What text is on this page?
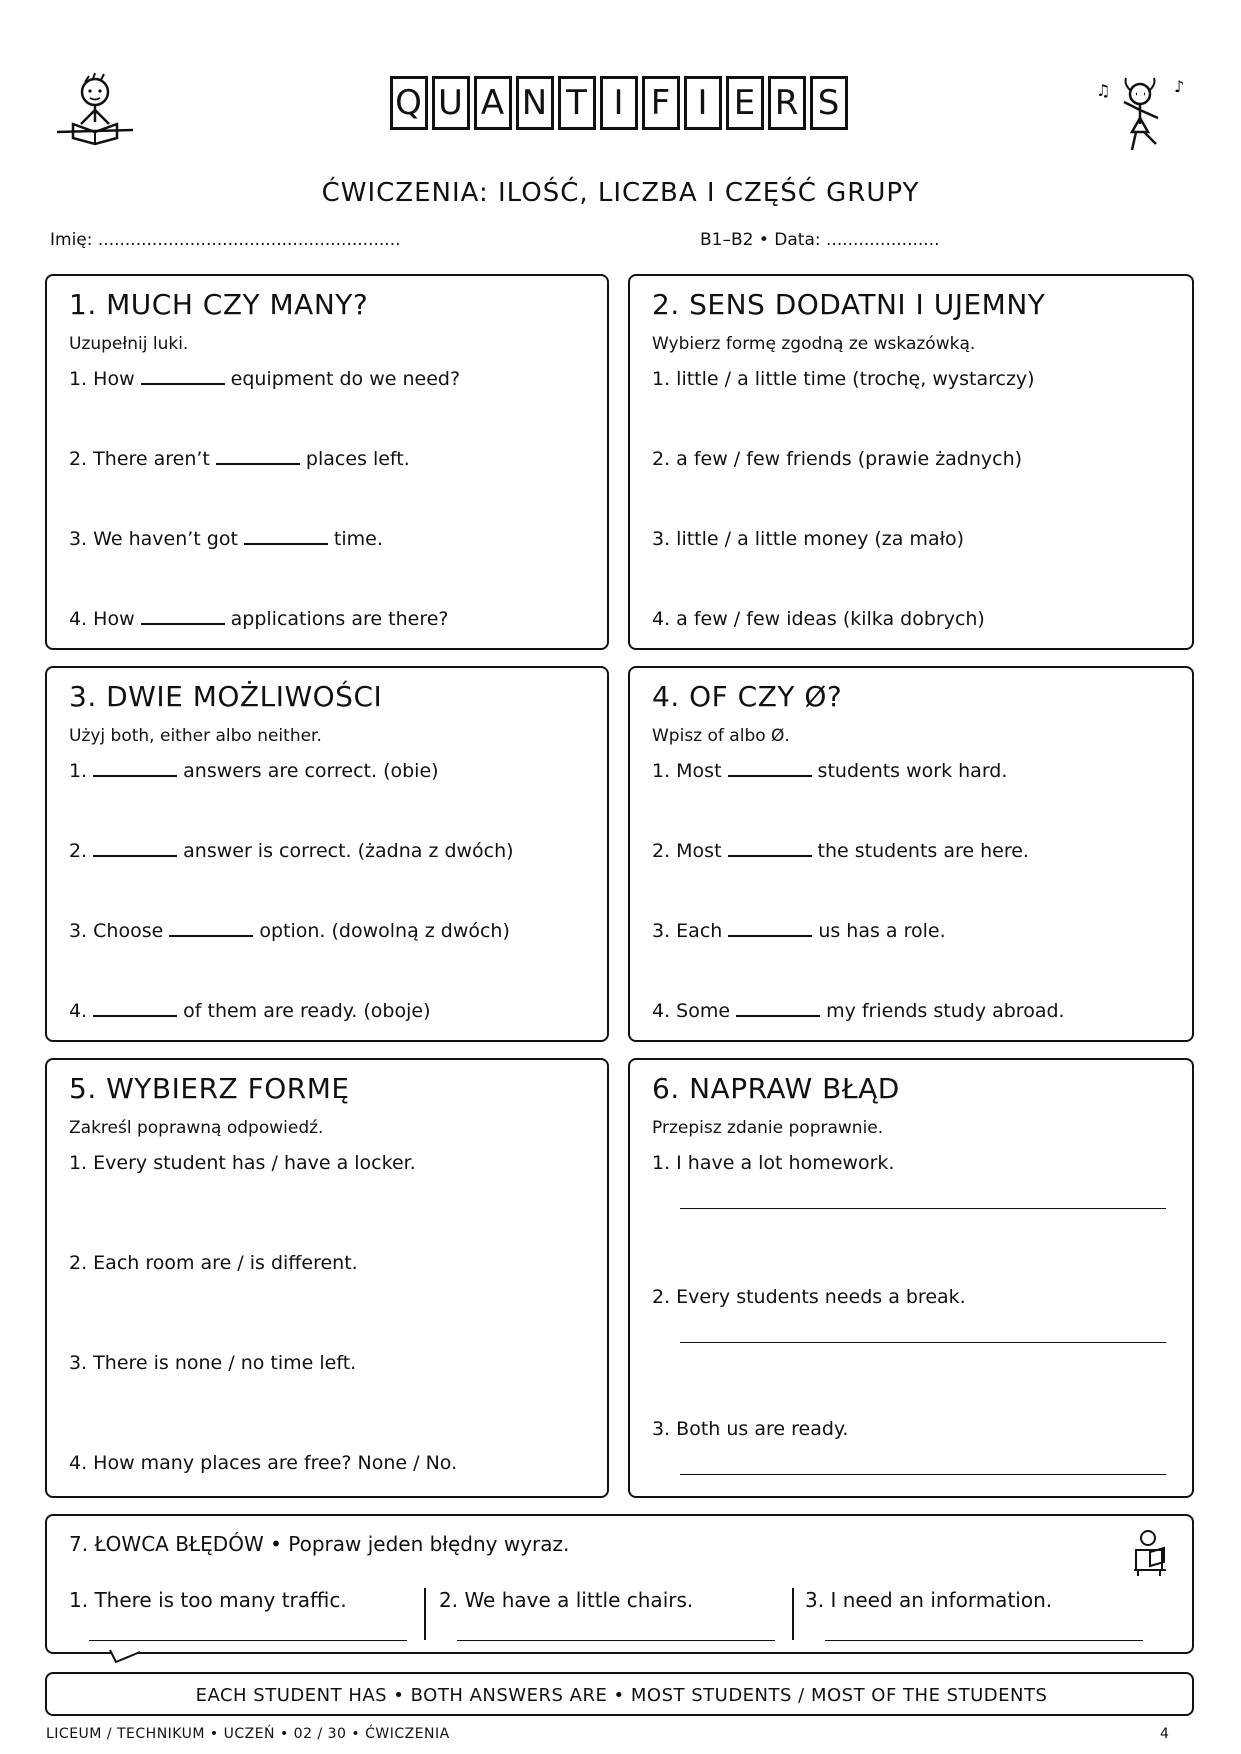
♫	♪
Q U A N T I F I E R S
ĆWICZENIA: ILOŚĆ, LICZBA I CZĘŚĆ GRUPY
Imię: ........................................................	B1–B2 • Data: .....................
1. MUCH CZY MANY?
Uzupełnij luki.
1. How	equipment do we need?
2. There aren’t	places left.
3. We haven’t got	time.
4. How	applications are there?
2. SENS DODATNI I UJEMNY
Wybierz formę zgodną ze wskazówką.
1. little / a little time (trochę, wystarczy)
2. a few / few friends (prawie żadnych)
3. little / a little money (za mało)
4. a few / few ideas (kilka dobrych)
3. DWIE MOŻLIWOŚCI
Użyj both, either albo neither.
1.	answers are correct. (obie)
2.	answer is correct. (żadna z dwóch)
3. Choose	option. (dowolną z dwóch)
4.	of them are ready. (oboje)
4. OF CZY Ø?
Wpisz of albo Ø.
1. Most	students work hard.
2. Most	the students are here.
3. Each	us has a role.
4. Some	my friends study abroad.
5. WYBIERZ FORMĘ
Zakreśl poprawną odpowiedź.
1. Every student has / have a locker.
2. Each room are / is different.
3. There is none / no time left.
4. How many places are free? None / No.
6. NAPRAW BŁĄD
Przepisz zdanie poprawnie.
1. I have a lot homework.
2. Every students needs a break.
3. Both us are ready.
7. ŁOWCA BŁĘDÓW • Popraw jeden błędny wyraz.
1. There is too many traffic.	2. We have a little chairs.	3. I need an information.
EACH STUDENT HAS • BOTH ANSWERS ARE • MOST STUDENTS / MOST OF THE STUDENTS
LICEUM / TECHNIKUM • UCZEŃ • 02 / 30 • ĆWICZENIA	4
